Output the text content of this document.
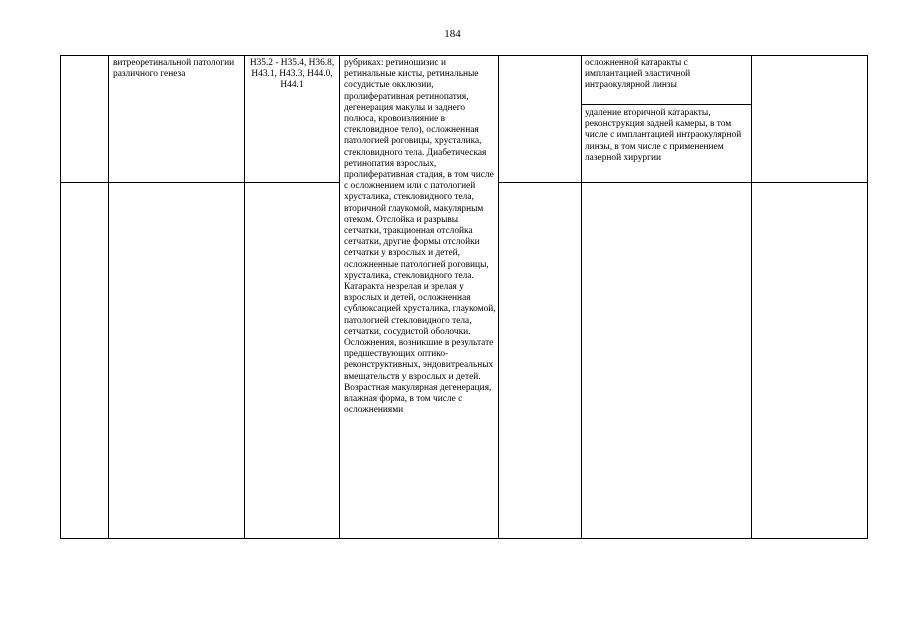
184
витреоретинальной патологии различного генеза
H35.2 - H35.4, H36.8, H43.1, H43.3, H44.0, H44.1
рубриках: ретиношизис и ретинальные кисты, ретинальные сосудистые окклюзии, пролиферативная ретинопатия, дегенерация макулы и заднего полюса, кровоизлияние в стекловидное тело), осложненная патологией роговицы, хрусталика, стекловидного тела. Диабетическая ретинопатия взрослых, пролиферативная стадия, в том числе с осложнением или с патологией хрусталика, стекловидного тела, вторичной глаукомой, макулярным отеком. Отслойка и разрывы сетчатки, тракционная отслойка сетчатки, другие формы отслойки сетчатки у взрослых и детей, осложненные патологией роговицы, хрусталика, стекловидного тела. Катаракта незрелая и зрелая у взрослых и детей, осложненная сублюксацией хрусталика, глаукомой, патологией стекловидного тела, сетчатки, сосудистой оболочки. Осложнения, возникшие в результате предшествующих оптико-реконструктивных, эндовитреальных вмешательств у взрослых и детей. Возрастная макулярная дегенерация, влажная форма, в том числе с осложнениями
осложненной катаракты с имплантацией эластичной интраокулярной линзы
удаление вторичной катаракты, реконструкция задней камеры, в том числе с имплантацией интраокулярной линзы, в том числе с применением лазерной хирургии
